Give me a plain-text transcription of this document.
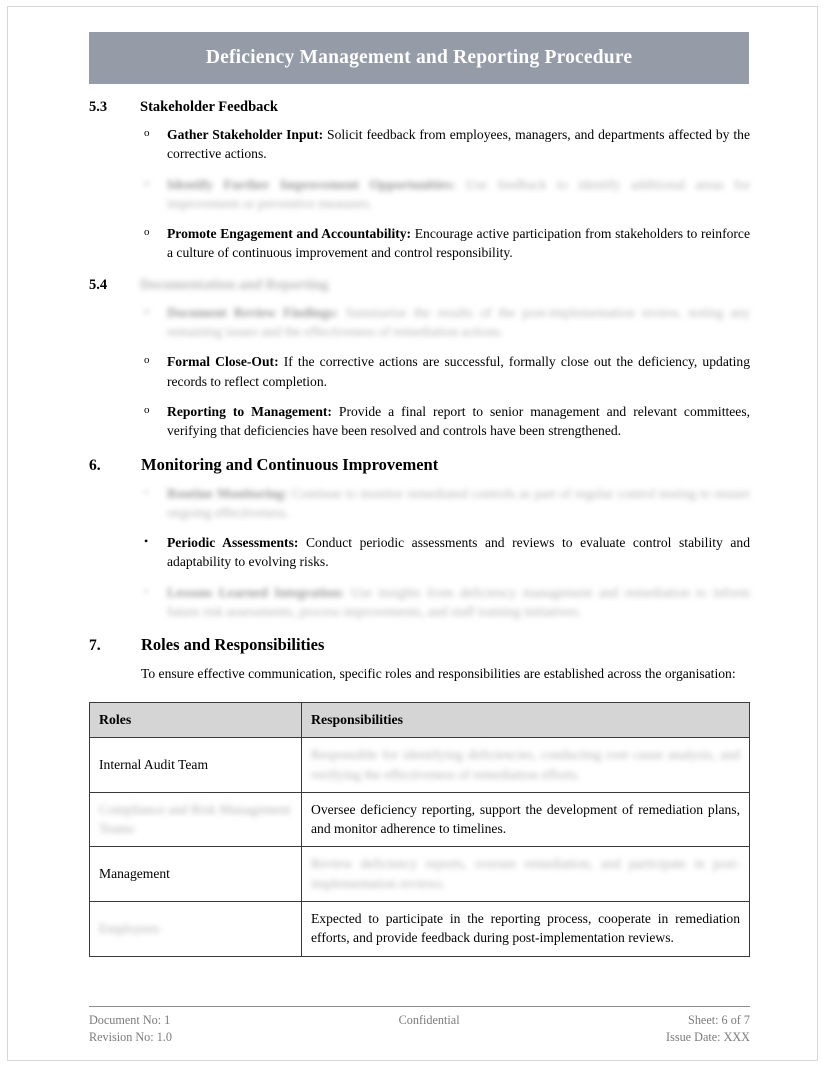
Deficiency Management and Reporting Procedure
5.3	Stakeholder Feedback
o Gather Stakeholder Input: Solicit feedback from employees, managers, and departments affected by the corrective actions.
o Identify Further Improvement Opportunities: Use feedback to identify additional areas for improvement or preventive measures.
o Promote Engagement and Accountability: Encourage active participation from stakeholders to reinforce a culture of continuous improvement and control responsibility.
5.4	Documentation and Reporting
o Document Review Findings: Summarise the results of the post-implementation review, noting any remaining issues and the effectiveness of remediation actions.
o Formal Close-Out: If the corrective actions are successful, formally close out the deficiency, updating records to reflect completion.
o Reporting to Management: Provide a final report to senior management and relevant committees, verifying that deficiencies have been resolved and controls have been strengthened.
6.	Monitoring and Continuous Improvement
• Routine Monitoring: Continue to monitor remediated controls as part of regular control testing to ensure ongoing effectiveness.
• Periodic Assessments: Conduct periodic assessments and reviews to evaluate control stability and adaptability to evolving risks.
• Lessons Learned Integration: Use insights from deficiency management and remediation to inform future risk assessments, process improvements, and staff training initiatives.
7.	Roles and Responsibilities

To ensure effective communication, specific roles and responsibilities are established across the organisation:

Roles	Responsibilities
Internal Audit Team	Responsible for identifying deficiencies, conducting root cause analysis, and verifying the effectiveness of remediation efforts.
Compliance and Risk Management Teams	Oversee deficiency reporting, support the development of remediation plans, and monitor adherence to timelines.
Management	Review deficiency reports, oversee remediation, and participate in post-implementation reviews.
Employees	Expected to participate in the reporting process, cooperate in remediation efforts, and provide feedback during post-implementation reviews.
Document No: 1	Confidential	Sheet: 6 of 7
Revision No: 1.0	Issue Date: XXX
